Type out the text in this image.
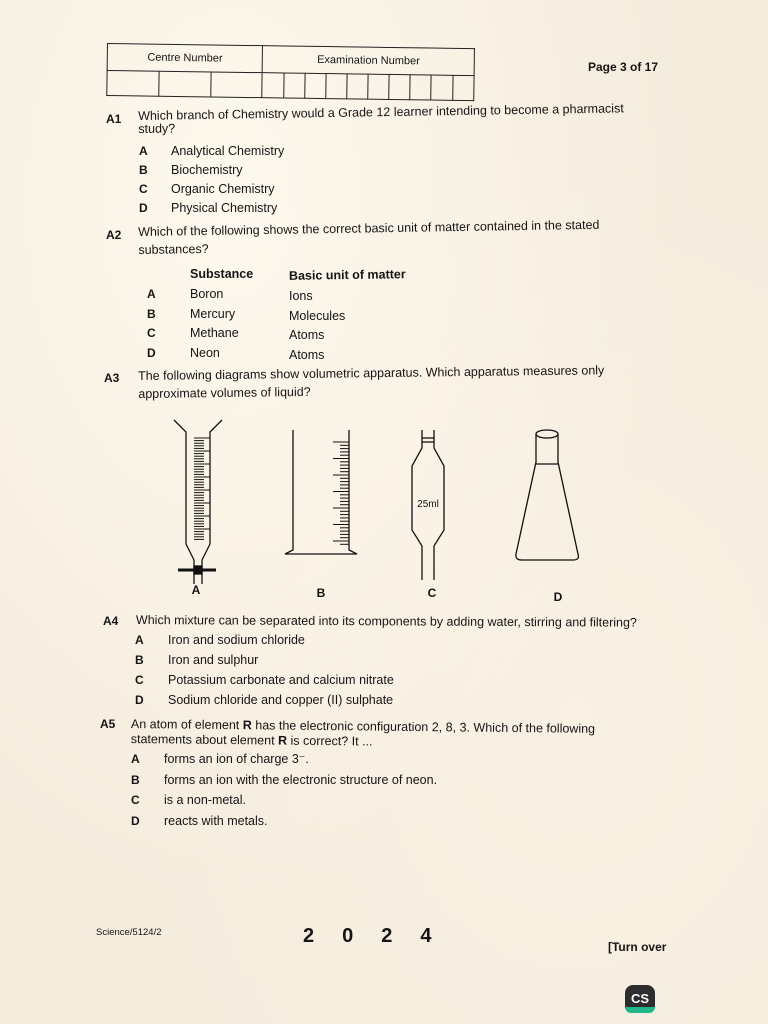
Centre Number			Examination Number									
													Page 3 of 17
A1 Which branch of Chemistry would a Grade 12 learner intending to become a pharmacist
study?
A Analytical Chemistry
B Biochemistry
C Organic Chemistry
D Physical Chemistry
A2 Which of the following shows the correct basic unit of matter contained in the stated
substances?
Substance	Basic unit of matter
A	Boron	Ions
B	Mercury	Molecules
C	Methane	Atoms
D	Neon	Atoms
A3 The following diagrams show volumetric apparatus. Which apparatus measures only
approximate volumes of liquid?
25ml
A	B	C	D
A4 Which mixture can be separated into its components by adding water, stirring and filtering?
A Iron and sodium chloride
B Iron and sulphur
C Potassium carbonate and calcium nitrate
D Sodium chloride and copper (II) sulphate
A5 An atom of element R has the electronic configuration 2, 8, 3. Which of the following
statements about element R is correct? It ...
A forms an ion of charge 3⁻.
B forms an ion with the electronic structure of neon.
C is a non-metal.
D reacts with metals.
Science/5124/2	2 0 2 4	[Turn over
CS
